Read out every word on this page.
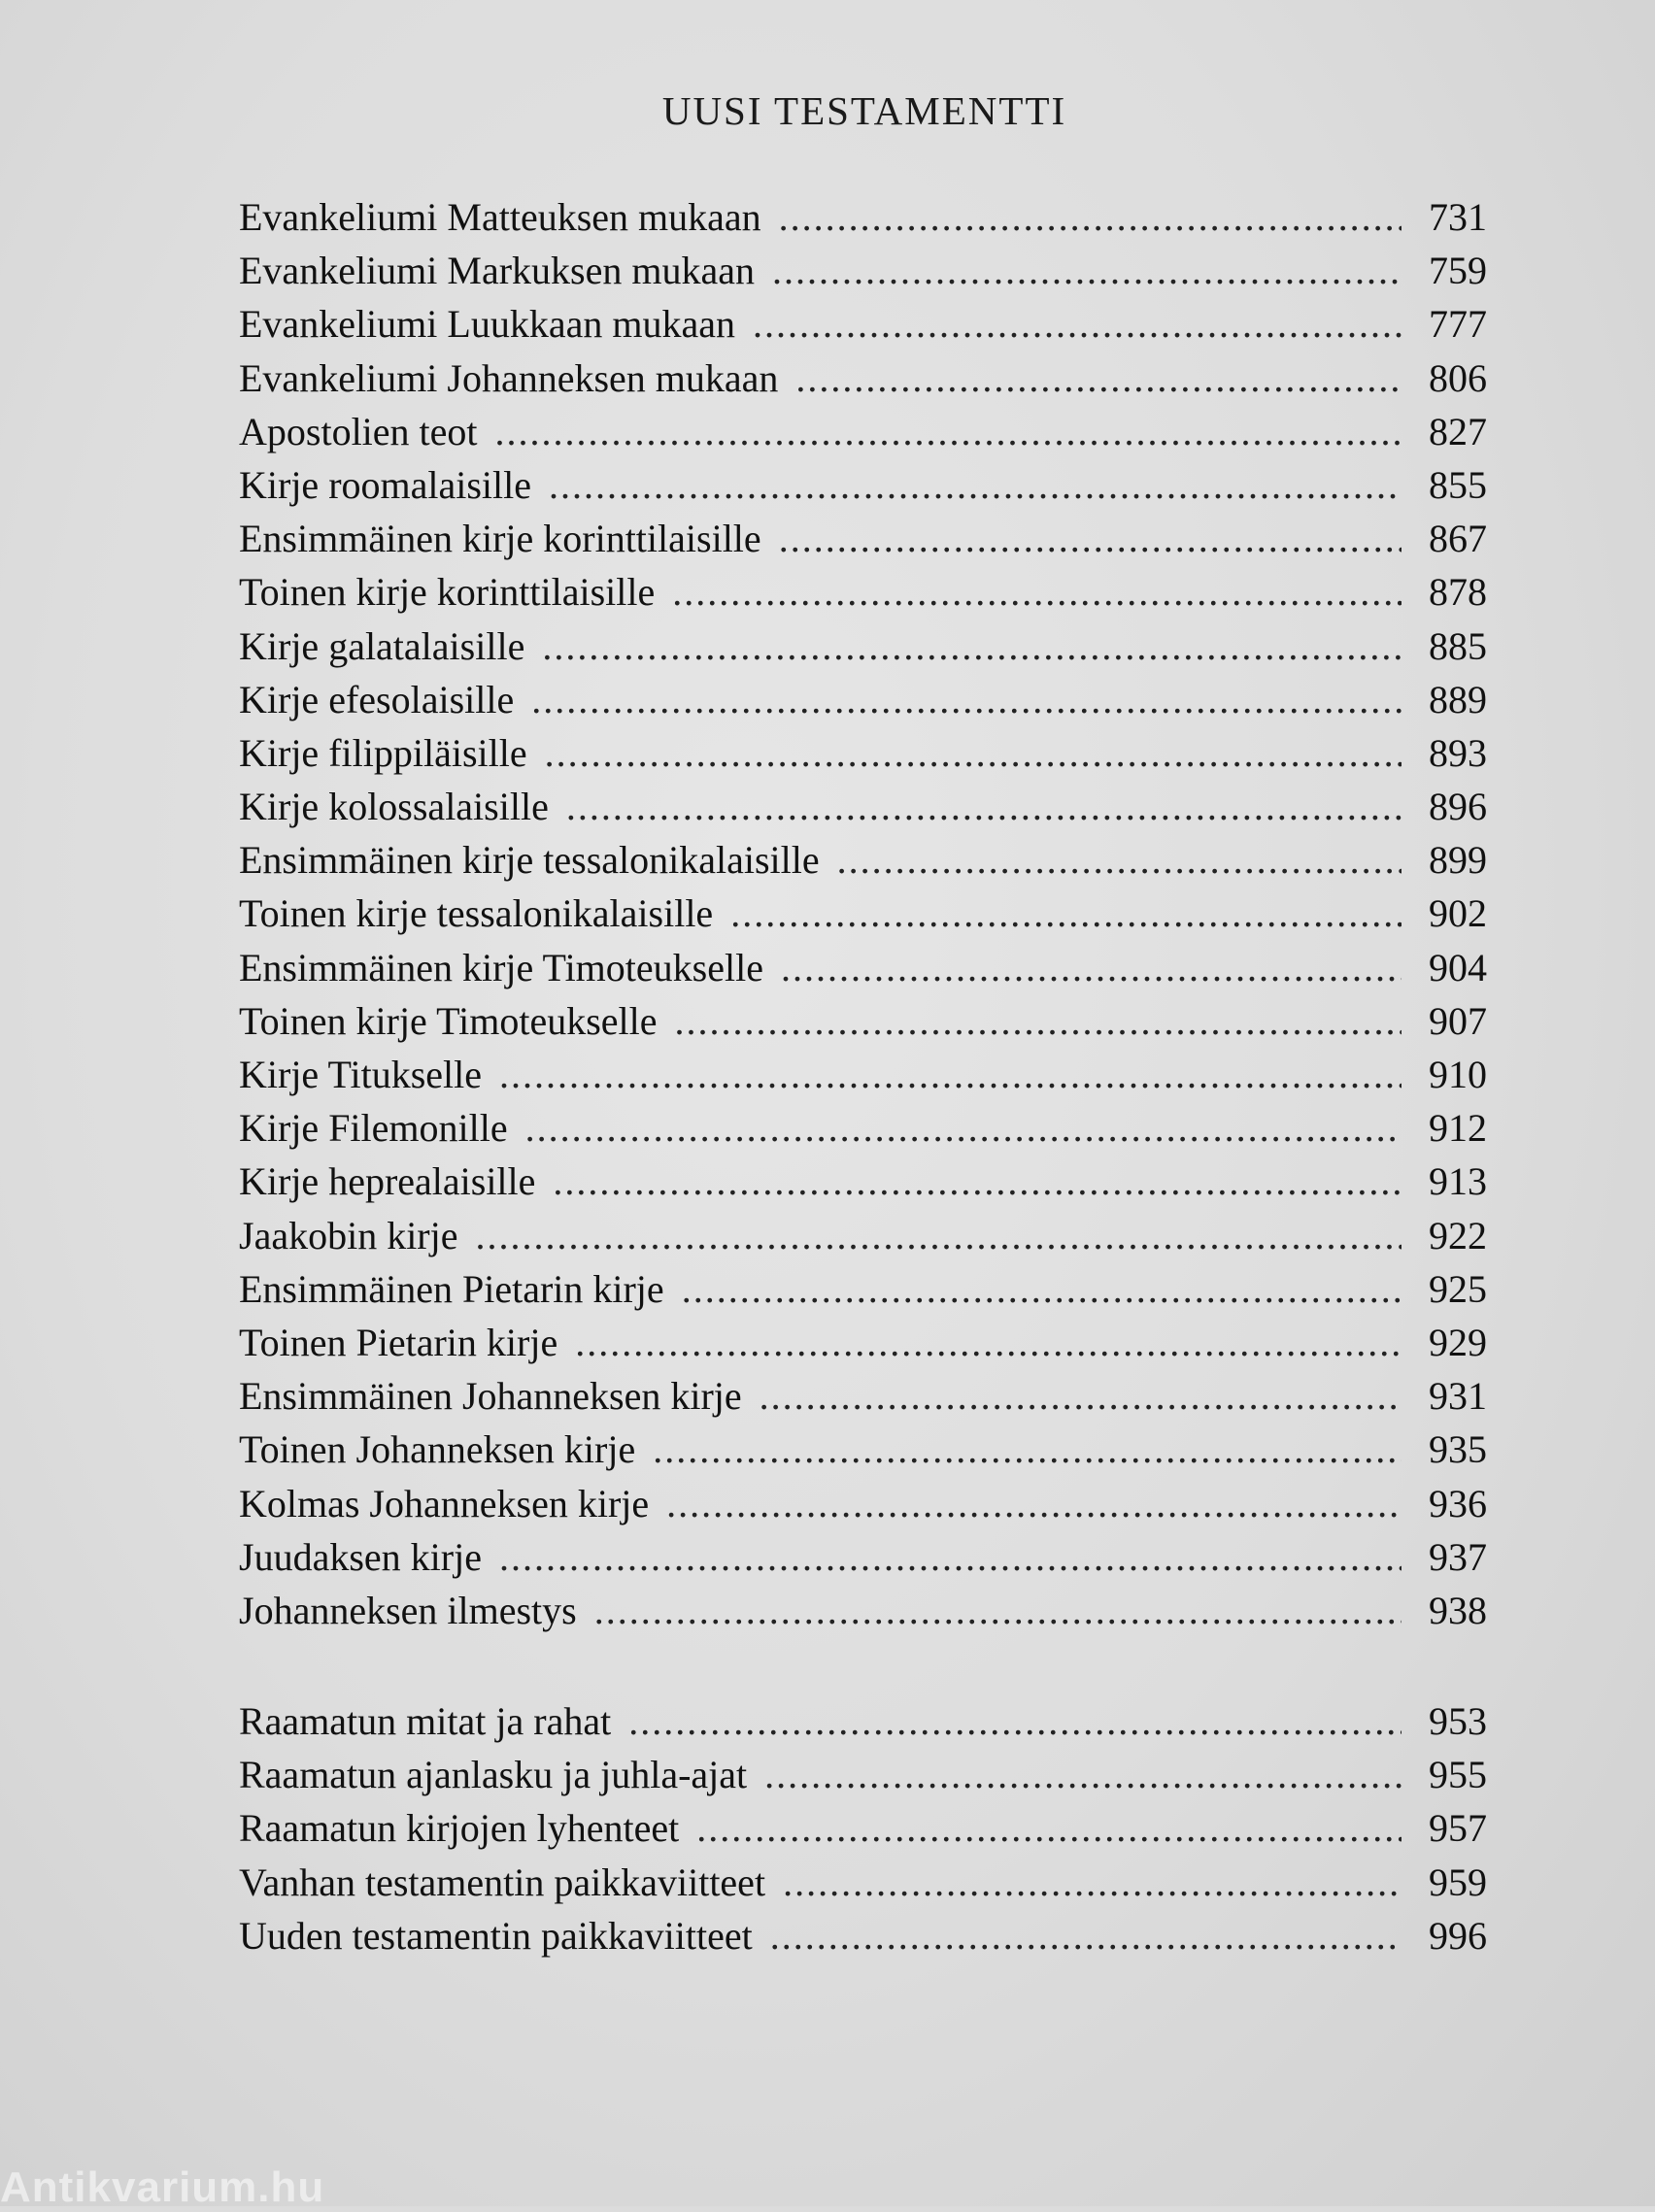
UUSI TESTAMENTTI
Evankeliumi Matteuksen mukaan .....	731
Evankeliumi Markuksen mukaan .....	759
Evankeliumi Luukkaan mukaan .....	777
Evankeliumi Johanneksen mukaan .....	806
Apostolien teot .....	827
Kirje roomalaisille .....	855
Ensimmäinen kirje korinttilaisille .....	867
Toinen kirje korinttilaisille .....	878
Kirje galatalaisille .....	885
Kirje efesolaisille .....	889
Kirje filippiläisille .....	893
Kirje kolossalaisille .....	896
Ensimmäinen kirje tessalonikalaisille .....	899
Toinen kirje tessalonikalaisille .....	902
Ensimmäinen kirje Timoteukselle .....	904
Toinen kirje Timoteukselle .....	907
Kirje Titukselle .....	910
Kirje Filemonille .....	912
Kirje heprealaisille .....	913
Jaakobin kirje .....	922
Ensimmäinen Pietarin kirje .....	925
Toinen Pietarin kirje .....	929
Ensimmäinen Johanneksen kirje .....	931
Toinen Johanneksen kirje .....	935
Kolmas Johanneksen kirje .....	936
Juudaksen kirje .....	937
Johanneksen ilmestys .....	938
Raamatun mitat ja rahat .....	953
Raamatun ajanlasku ja juhla-ajat .....	955
Raamatun kirjojen lyhenteet .....	957
Vanhan testamentin paikkaviitteet .....	959
Uuden testamentin paikkaviitteet .....	996
Antikvarium.hu
